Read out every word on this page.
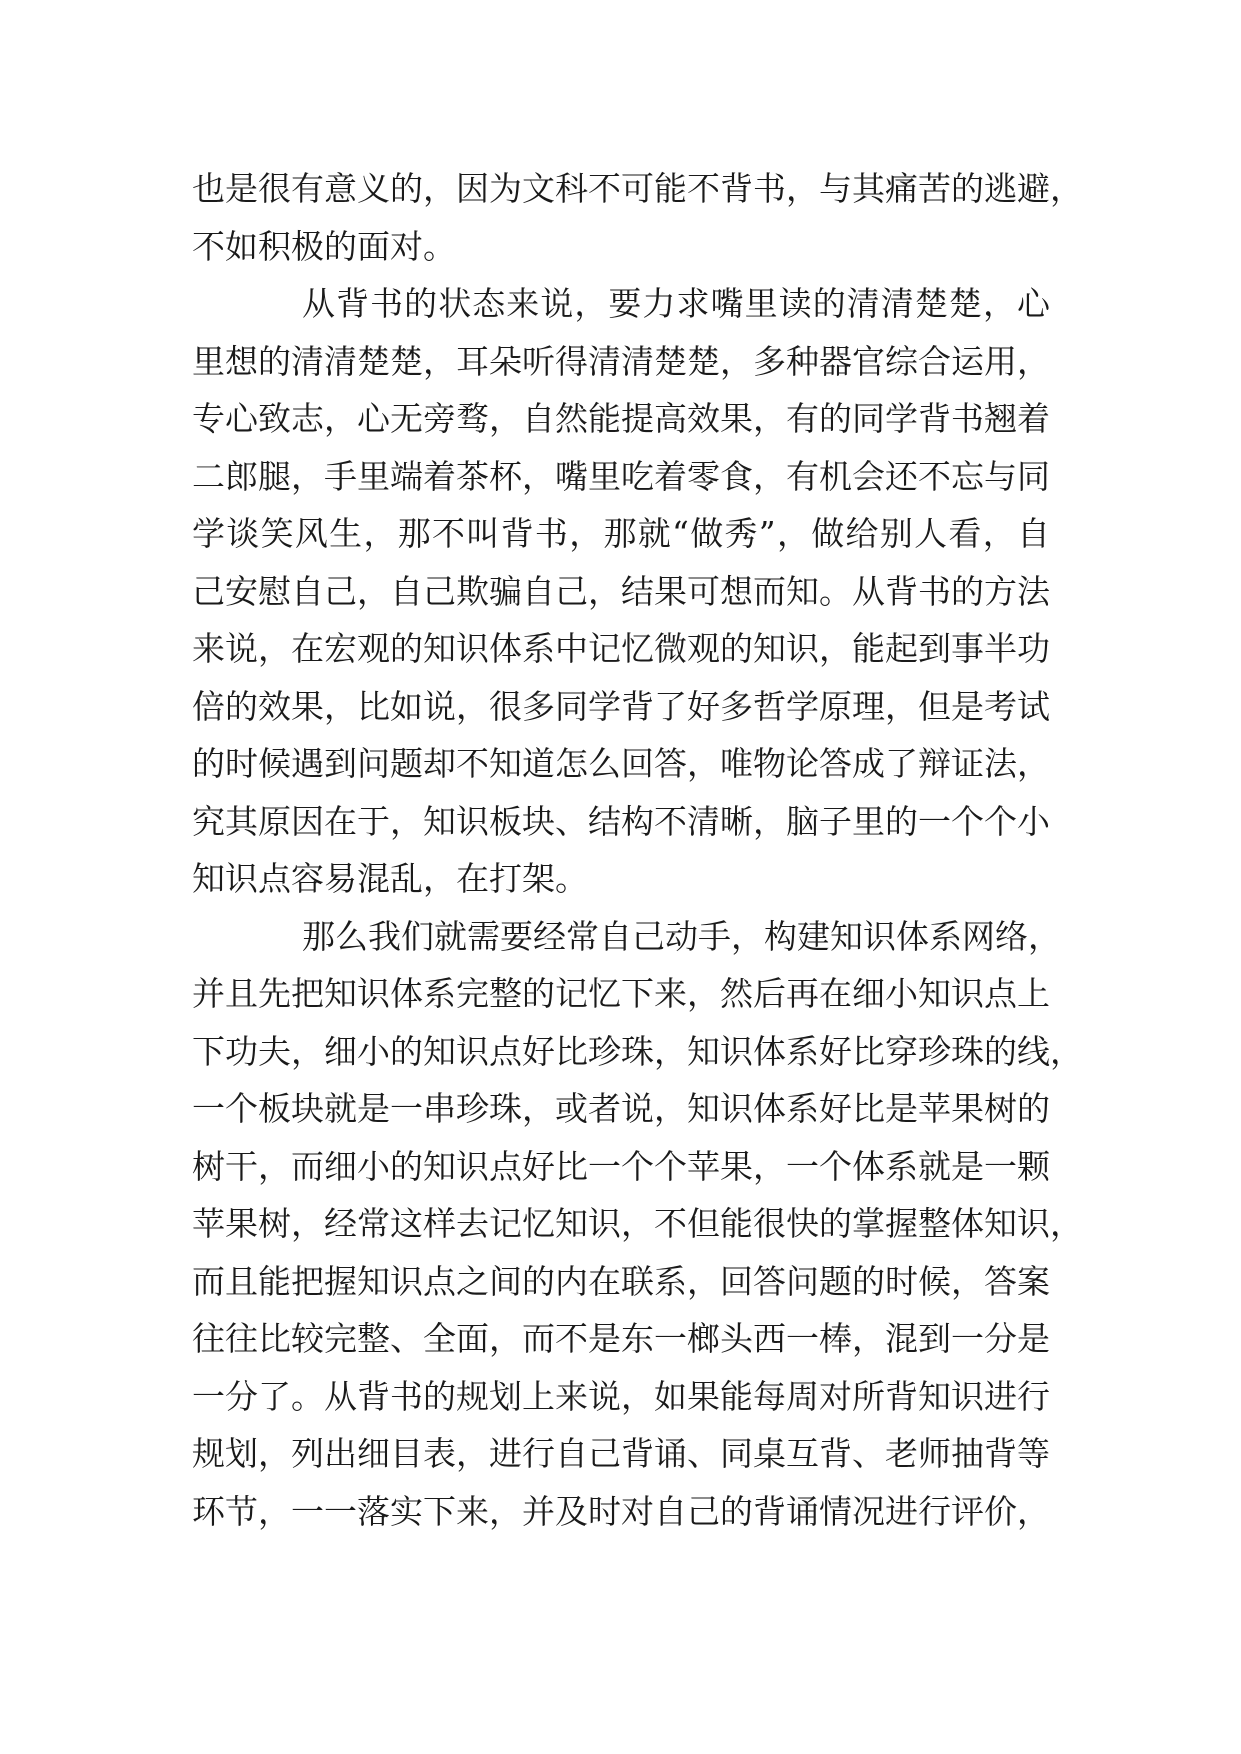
也是很有意义的，因为文科不可能不背书，与其痛苦的逃避，
不如积极的面对。
从背书的状态来说，要力求嘴里读的清清楚楚，心
里想的清清楚楚，耳朵听得清清楚楚，多种器官综合运用，
专心致志，心无旁骛，自然能提高效果，有的同学背书翘着
二郎腿，手里端着茶杯，嘴里吃着零食，有机会还不忘与同
学谈笑风生，那不叫背书，那就“做秀”，做给别人看，自
己安慰自己，自己欺骗自己，结果可想而知。从背书的方法
来说，在宏观的知识体系中记忆微观的知识，能起到事半功
倍的效果，比如说，很多同学背了好多哲学原理，但是考试
的时候遇到问题却不知道怎么回答，唯物论答成了辩证法，
究其原因在于，知识板块、结构不清晰，脑子里的一个个小
知识点容易混乱，在打架。
那么我们就需要经常自己动手，构建知识体系网络，
并且先把知识体系完整的记忆下来，然后再在细小知识点上
下功夫，细小的知识点好比珍珠，知识体系好比穿珍珠的线，
一个板块就是一串珍珠，或者说，知识体系好比是苹果树的
树干，而细小的知识点好比一个个苹果，一个体系就是一颗
苹果树，经常这样去记忆知识，不但能很快的掌握整体知识，
而且能把握知识点之间的内在联系，回答问题的时候，答案
往往比较完整、全面，而不是东一榔头西一棒，混到一分是
一分了。从背书的规划上来说，如果能每周对所背知识进行
规划，列出细目表，进行自己背诵、同桌互背、老师抽背等
环节，一一落实下来，并及时对自己的背诵情况进行评价，
